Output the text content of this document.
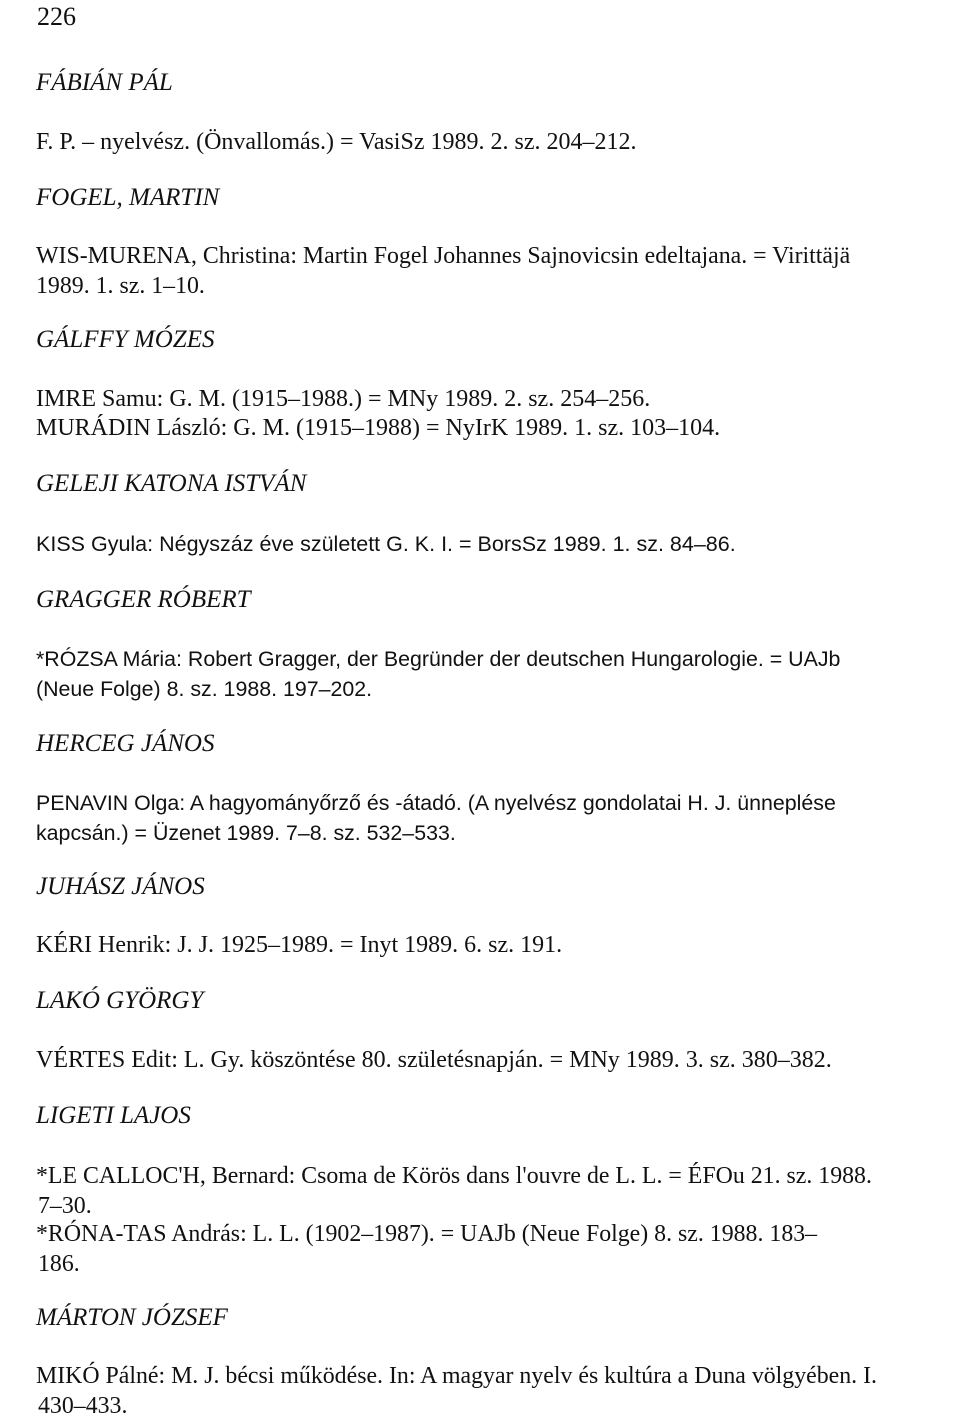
226
FÁBIÁN PÁL
F. P. – nyelvész. (Önvallomás.) = VasiSz 1989. 2. sz. 204–212.
FOGEL, MARTIN
WIS-MURENA, Christina: Martin Fogel Johannes Sajnovicsin edeltajana. = Virittäjä
1989. 1. sz. 1–10.
GÁLFFY MÓZES
IMRE Samu: G. M. (1915–1988.) = MNy 1989. 2. sz. 254–256.
MURÁDIN László: G. M. (1915–1988) = NyIrK 1989. 1. sz. 103–104.
GELEJI KATONA ISTVÁN
KISS Gyula: Négyszáz éve született G. K. I. = BorsSz 1989. 1. sz. 84–86.
GRAGGER RÓBERT
*RÓZSA Mária: Robert Gragger, der Begründer der deutschen Hungarologie. = UAJb
(Neue Folge) 8. sz. 1988. 197–202.
HERCEG JÁNOS
PENAVIN Olga: A hagyományőrző és -átadó. (A nyelvész gondolatai H. J. ünneplése
kapcsán.) = Üzenet 1989. 7–8. sz. 532–533.
JUHÁSZ JÁNOS
KÉRI Henrik: J. J. 1925–1989. = Inyt 1989. 6. sz. 191.
LAKÓ GYÖRGY
VÉRTES Edit: L. Gy. köszöntése 80. születésnapján. = MNy 1989. 3. sz. 380–382.
LIGETI LAJOS
*LE CALLOC'H, Bernard: Csoma de Körös dans l'ouvre de L. L. = ÉFOu 21. sz. 1988.
7–30.
*RÓNA-TAS András: L. L. (1902–1987). = UAJb (Neue Folge) 8. sz. 1988. 183–
186.
MÁRTON JÓZSEF
MIKÓ Pálné: M. J. bécsi működése. In: A magyar nyelv és kultúra a Duna völgyében. I.
430–433.
